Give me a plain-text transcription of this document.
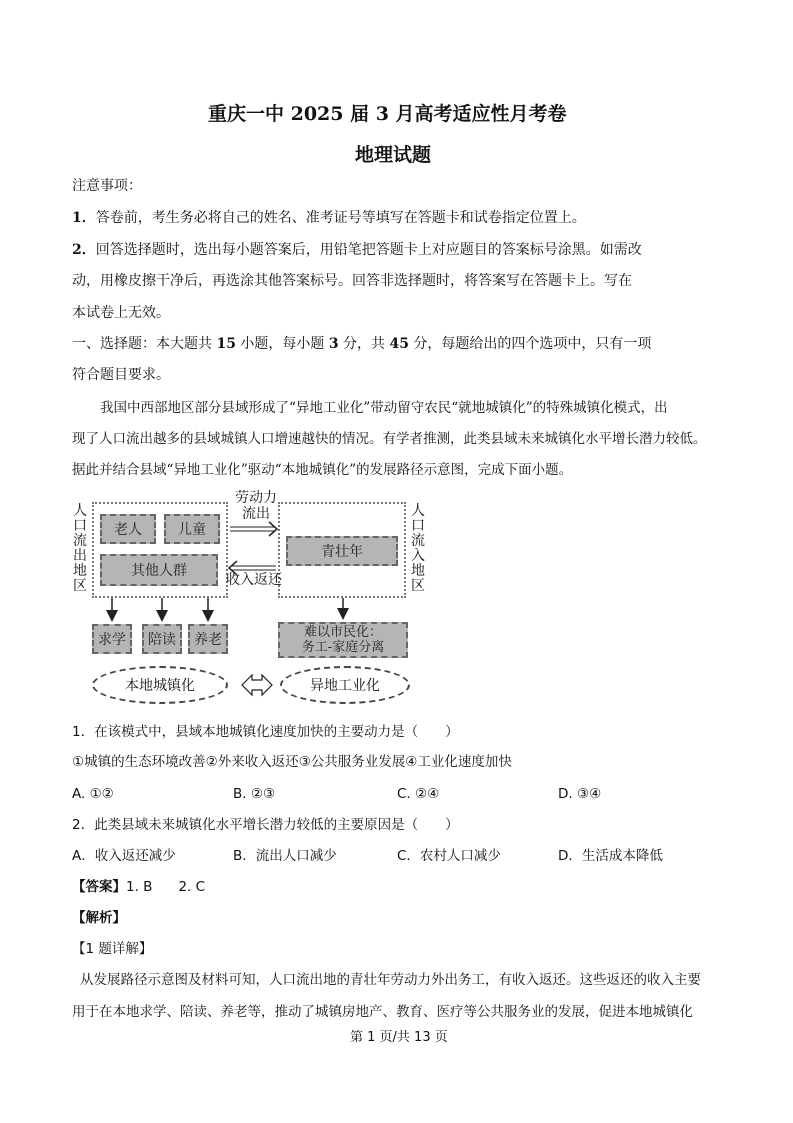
重庆一中 2025 届 3 月高考适应性月考卷
地理试题
注意事项：
1．答卷前，考生务必将自己的姓名、准考证号等填写在答题卡和试卷指定位置上。
2．回答选择题时，选出每小题答案后，用铅笔把答题卡上对应题目的答案标号涂黑。如需改
动，用橡皮擦干净后，再选涂其他答案标号。回答非选择题时，将答案写在答题卡上。写在
本试卷上无效。
一、选择题：本大题共 15 小题，每小题 3 分，共 45 分，每题给出的四个选项中，只有一项
符合题目要求。
我国中西部地区部分县域形成了“异地工业化”带动留守农民“就地城镇化”的特殊城镇化模式，出
现了人口流出越多的县域城镇人口增速越快的情况。有学者推测，此类县域未来城镇化水平增长潜力较低。
据此并结合县域“异地工业化”驱动“本地城镇化”的发展路径示意图，完成下面小题。
人口流出地区
人口流入地区
老人	儿童
其他人群
青壮年
劳动力
流出
收入返还
求学	陪读	养老	难以市民化：
务工-家庭分离
本地城镇化	异地工业化
1．在该模式中，县域本地城镇化速度加快的主要动力是（　　）
①城镇的生态环境改善②外来收入返还③公共服务业发展④工业化速度加快
A. ①②	B. ②③	C. ②④	D. ③④
2．此类县域未来城镇化水平增长潜力较低的主要原因是（　　）
A．收入返还减少	B．流出人口减少	C．农村人口减少	D．生活成本降低
【答案】1. B 2. C
【解析】
【1 题详解】
从发展路径示意图及材料可知，人口流出地的青壮年劳动力外出务工，有收入返还。这些返还的收入主要
用于在本地求学、陪读、养老等，推动了城镇房地产、教育、医疗等公共服务业的发展，促进本地城镇化
第 1 页/共 13 页
